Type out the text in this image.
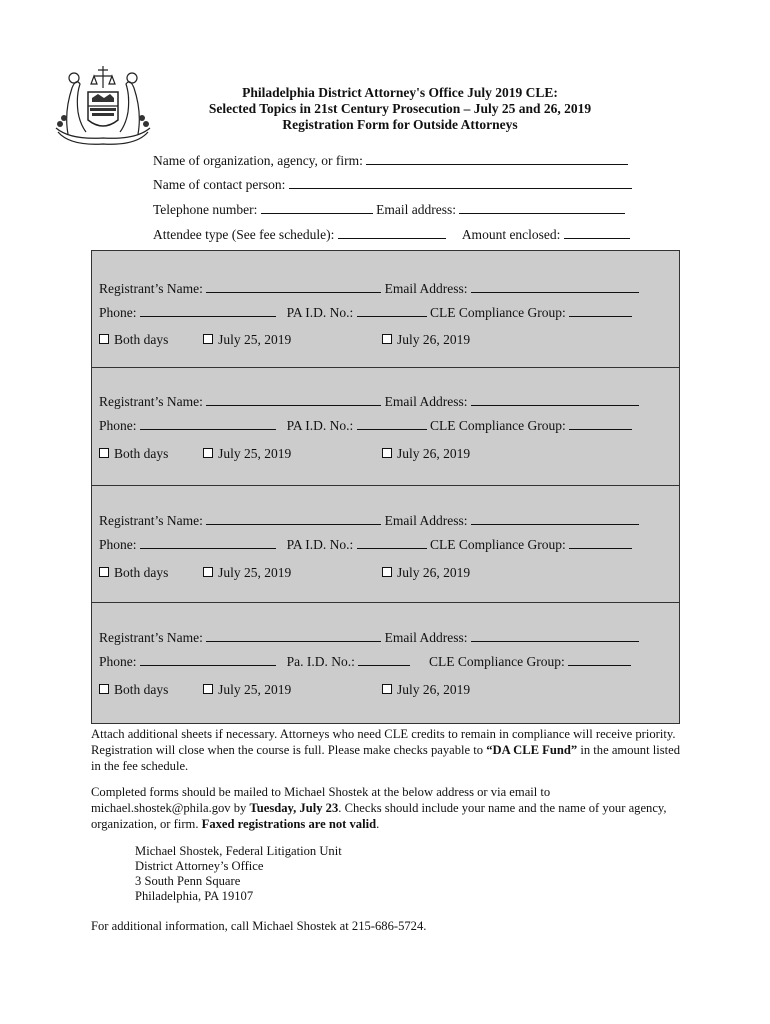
Philadelphia District Attorney's Office July 2019 CLE:
Selected Topics in 21st Century Prosecution – July 25 and 26, 2019
Registration Form for Outside Attorneys
Name of organization, agency, or firm:
Name of contact person:
Telephone number:	Email address:
Attendee type (See fee schedule):	Amount enclosed:
Registrant’s Name:	Email Address:
Phone:	PA I.D. No.:	CLE Compliance Group:
Both days	July 25, 2019	July 26, 2019
Registrant’s Name:	Email Address:
Phone:	PA I.D. No.:	CLE Compliance Group:
Both days	July 25, 2019	July 26, 2019
Registrant’s Name:	Email Address:
Phone:	PA I.D. No.:	CLE Compliance Group:
Both days	July 25, 2019	July 26, 2019
Registrant’s Name:	Email Address:
Phone:	Pa. I.D. No.:	CLE Compliance Group:
Both days	July 25, 2019	July 26, 2019
Attach additional sheets if necessary. Attorneys who need CLE credits to remain in compliance will receive priority. Registration will close when the course is full. Please make checks payable to “DA CLE Fund” in the amount listed in the fee schedule.
Completed forms should be mailed to Michael Shostek at the below address or via email to michael.shostek@phila.gov by Tuesday, July 23. Checks should include your name and the name of your agency, organization, or firm. Faxed registrations are not valid.
Michael Shostek, Federal Litigation Unit
District Attorney’s Office
3 South Penn Square
Philadelphia, PA 19107
For additional information, call Michael Shostek at 215-686-5724.
